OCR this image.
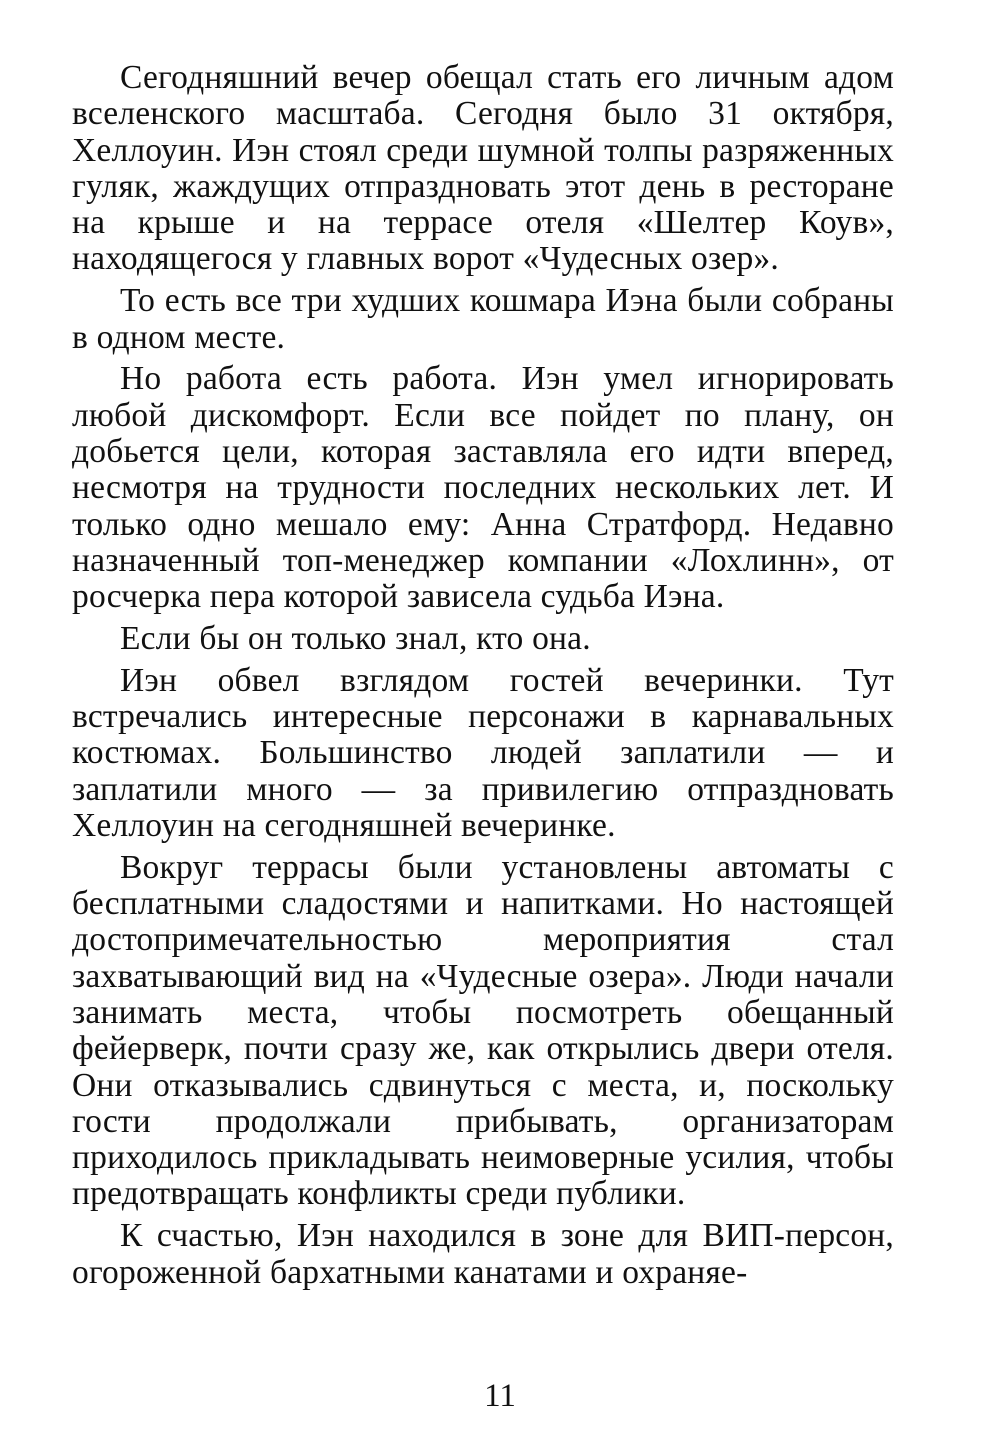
Сегодняшний вечер обещал стать его личным адом вселенского масштаба. Сегодня было 31 октября, Хеллоуин. Иэн стоял среди шумной толпы разряженных гуляк, жаждущих отпраздновать этот день в ресторане на крыше и на террасе отеля «Шелтер Коув», находящегося у главных ворот «Чудесных озер».

То есть все три худших кошмара Иэна были собраны в одном месте.

Но работа есть работа. Иэн умел игнорировать любой дискомфорт. Если все пойдет по плану, он добьется цели, которая заставляла его идти вперед, несмотря на трудности последних нескольких лет. И только одно мешало ему: Анна Стратфорд. Недавно назначенный топ-менеджер компании «Лохлинн», от росчерка пера которой зависела судьба Иэна.

Если бы он только знал, кто она.

Иэн обвел взглядом гостей вечеринки. Тут встречались интересные персонажи в карнавальных костюмах. Большинство людей заплатили — и заплатили много — за привилегию отпраздновать Хеллоуин на сегодняшней вечеринке.

Вокруг террасы были установлены автоматы с бесплатными сладостями и напитками. Но настоящей достопримечательностью мероприятия стал захватывающий вид на «Чудесные озера». Люди начали занимать места, чтобы посмотреть обещанный фейерверк, почти сразу же, как открылись двери отеля. Они отказывались сдвинуться с места, и, поскольку гости продолжали прибывать, организаторам приходилось прикладывать неимоверные усилия, чтобы предотвращать конфликты среди публики.

К счастью, Иэн находился в зоне для ВИП-персон, огороженной бархатными канатами и охраняе-

11
